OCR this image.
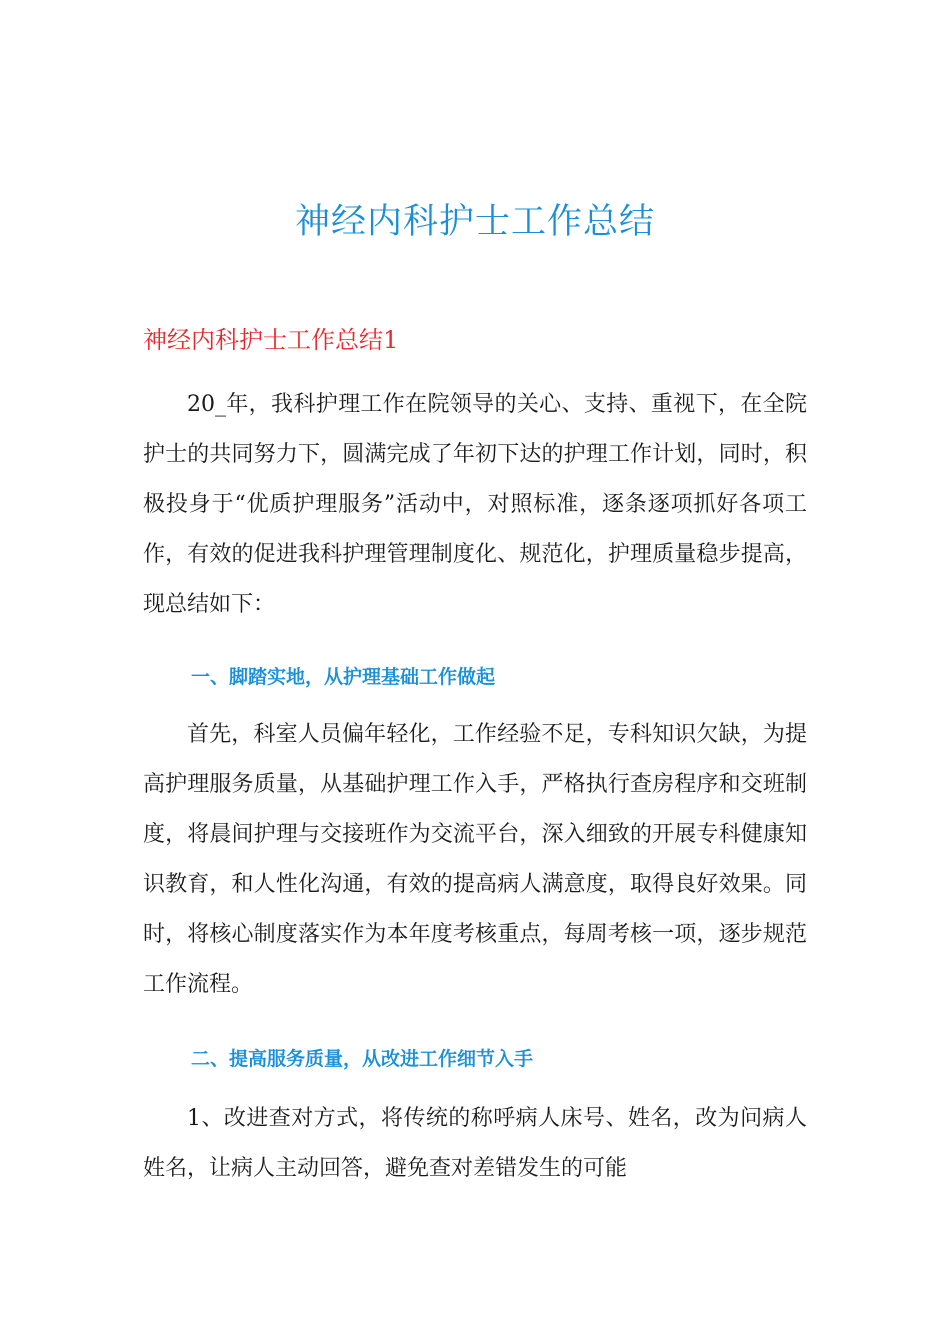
神经内科护士工作总结
神经内科护士工作总结1

20_年，我科护理工作在院领导的关心、支持、重视下，在全院护士的共同努力下，圆满完成了年初下达的护理工作计划，同时，积极投身于“优质护理服务”活动中，对照标准，逐条逐项抓好各项工作，有效的促进我科护理管理制度化、规范化，护理质量稳步提高，现总结如下：

一、脚踏实地，从护理基础工作做起

首先，科室人员偏年轻化，工作经验不足，专科知识欠缺，为提高护理服务质量，从基础护理工作入手，严格执行查房程序和交班制度，将晨间护理与交接班作为交流平台，深入细致的开展专科健康知识教育，和人性化沟通，有效的提高病人满意度，取得良好效果。同时，将核心制度落实作为本年度考核重点，每周考核一项，逐步规范工作流程。

二、提高服务质量，从改进工作细节入手

1、改进查对方式，将传统的称呼病人床号、姓名，改为问病人姓名，让病人主动回答，避免查对差错发生的可能
